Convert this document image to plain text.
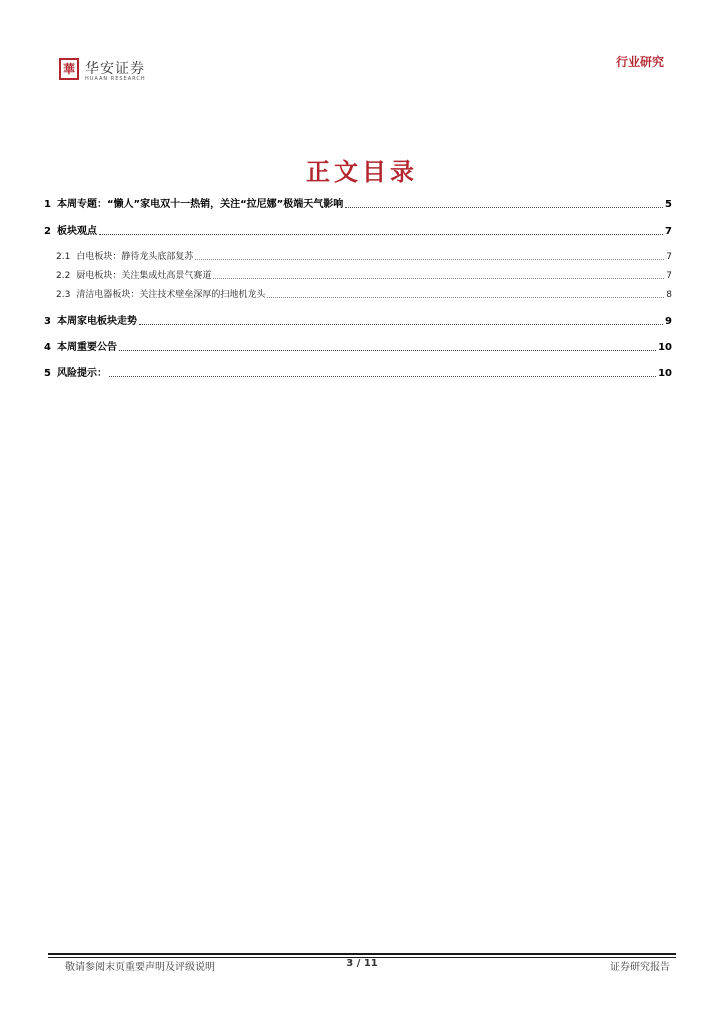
華 华安证券
HUAAN RESEARCH
行业研究
正文目录
1 本周专题：“懒人”家电双十一热销，关注“拉尼娜”极端天气影响	5
2 板块观点	7
2.1 白电板块：静待龙头底部复苏	7
2.2 厨电板块：关注集成灶高景气赛道	7
2.3 清洁电器板块：关注技术壁垒深厚的扫地机龙头	8
3 本周家电板块走势	9
4 本周重要公告	10
5 风险提示：	10
敬请参阅末页重要声明及评级说明	3 / 11	证券研究报告
